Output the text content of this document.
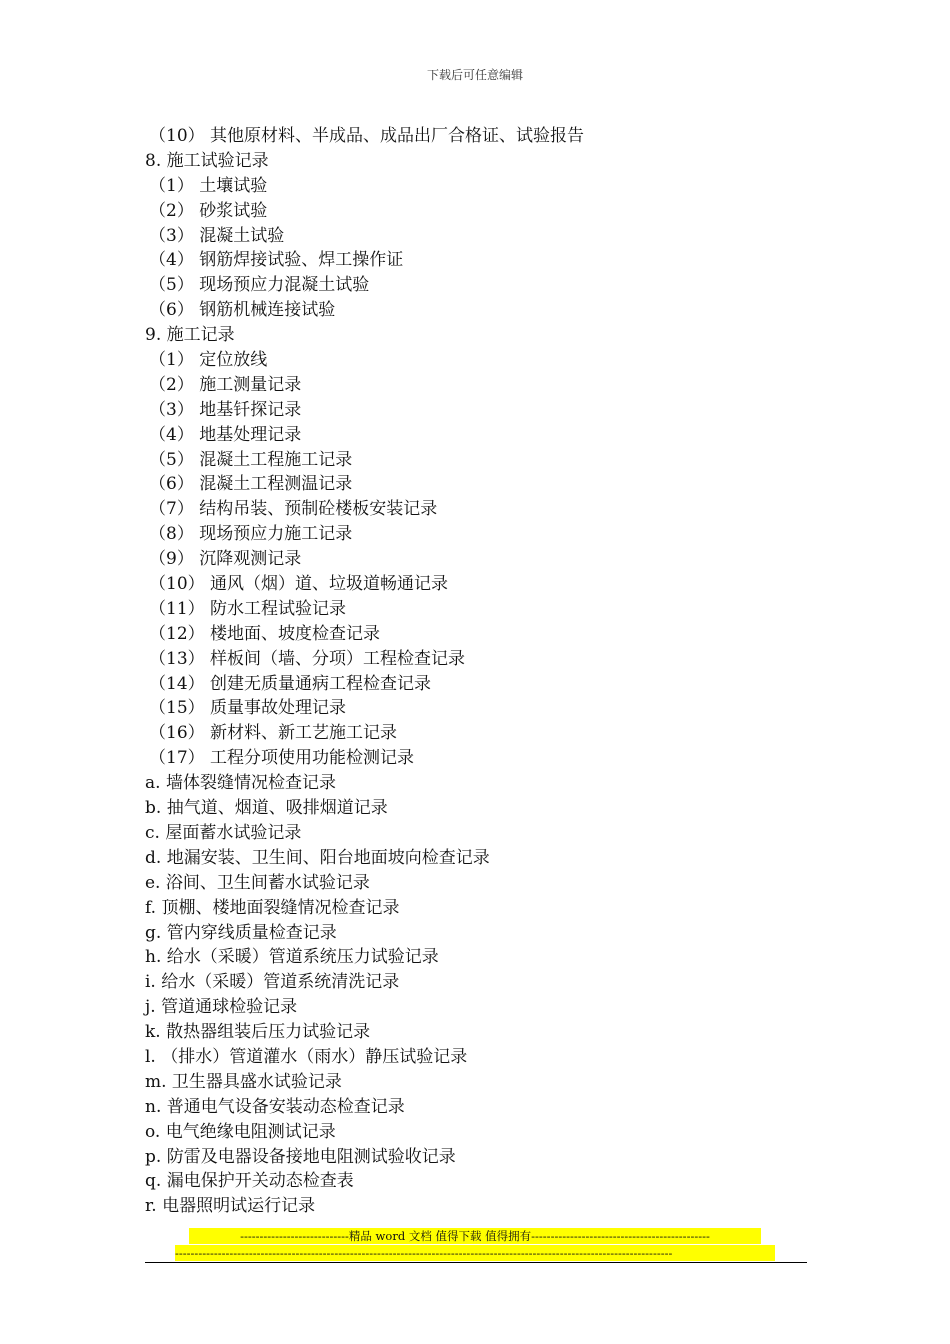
下载后可任意编辑
（10） 其他原材料、半成品、成品出厂合格证、试验报告
8. 施工试验记录
（1） 土壤试验
（2） 砂浆试验
（3） 混凝土试验
（4） 钢筋焊接试验、焊工操作证
（5） 现场预应力混凝土试验
（6） 钢筋机械连接试验
9. 施工记录
（1） 定位放线
（2） 施工测量记录
（3） 地基钎探记录
（4） 地基处理记录
（5） 混凝土工程施工记录
（6） 混凝土工程测温记录
（7） 结构吊装、预制砼楼板安装记录
（8） 现场预应力施工记录
（9） 沉降观测记录
（10） 通风（烟）道、垃圾道畅通记录
（11） 防水工程试验记录
（12） 楼地面、坡度检查记录
（13） 样板间（墙、分项）工程检查记录
（14） 创建无质量通病工程检查记录
（15） 质量事故处理记录
（16） 新材料、新工艺施工记录
（17） 工程分项使用功能检测记录
a. 墙体裂缝情况检查记录
b. 抽气道、烟道、吸排烟道记录
c. 屋面蓄水试验记录
d. 地漏安装、卫生间、阳台地面坡向检查记录
e. 浴间、卫生间蓄水试验记录
f. 顶棚、楼地面裂缝情况检查记录
g. 管内穿线质量检查记录
h. 给水（采暖）管道系统压力试验记录
i. 给水（采暖）管道系统清洗记录
j. 管道通球检验记录
k. 散热器组装后压力试验记录
l. （排水）管道灌水（雨水）静压试验记录
m. 卫生器具盛水试验记录
n. 普通电气设备安装动态检查记录
o. 电气绝缘电阻测试记录
p. 防雷及电器设备接地电阻测试验收记录
q. 漏电保护开关动态检查表
r. 电器照明试运行记录
----------------------------精品 word 文档 值得下载 值得拥有----------------------------------------------
--------------------------------------------------------------------------------------------------------------------------------
